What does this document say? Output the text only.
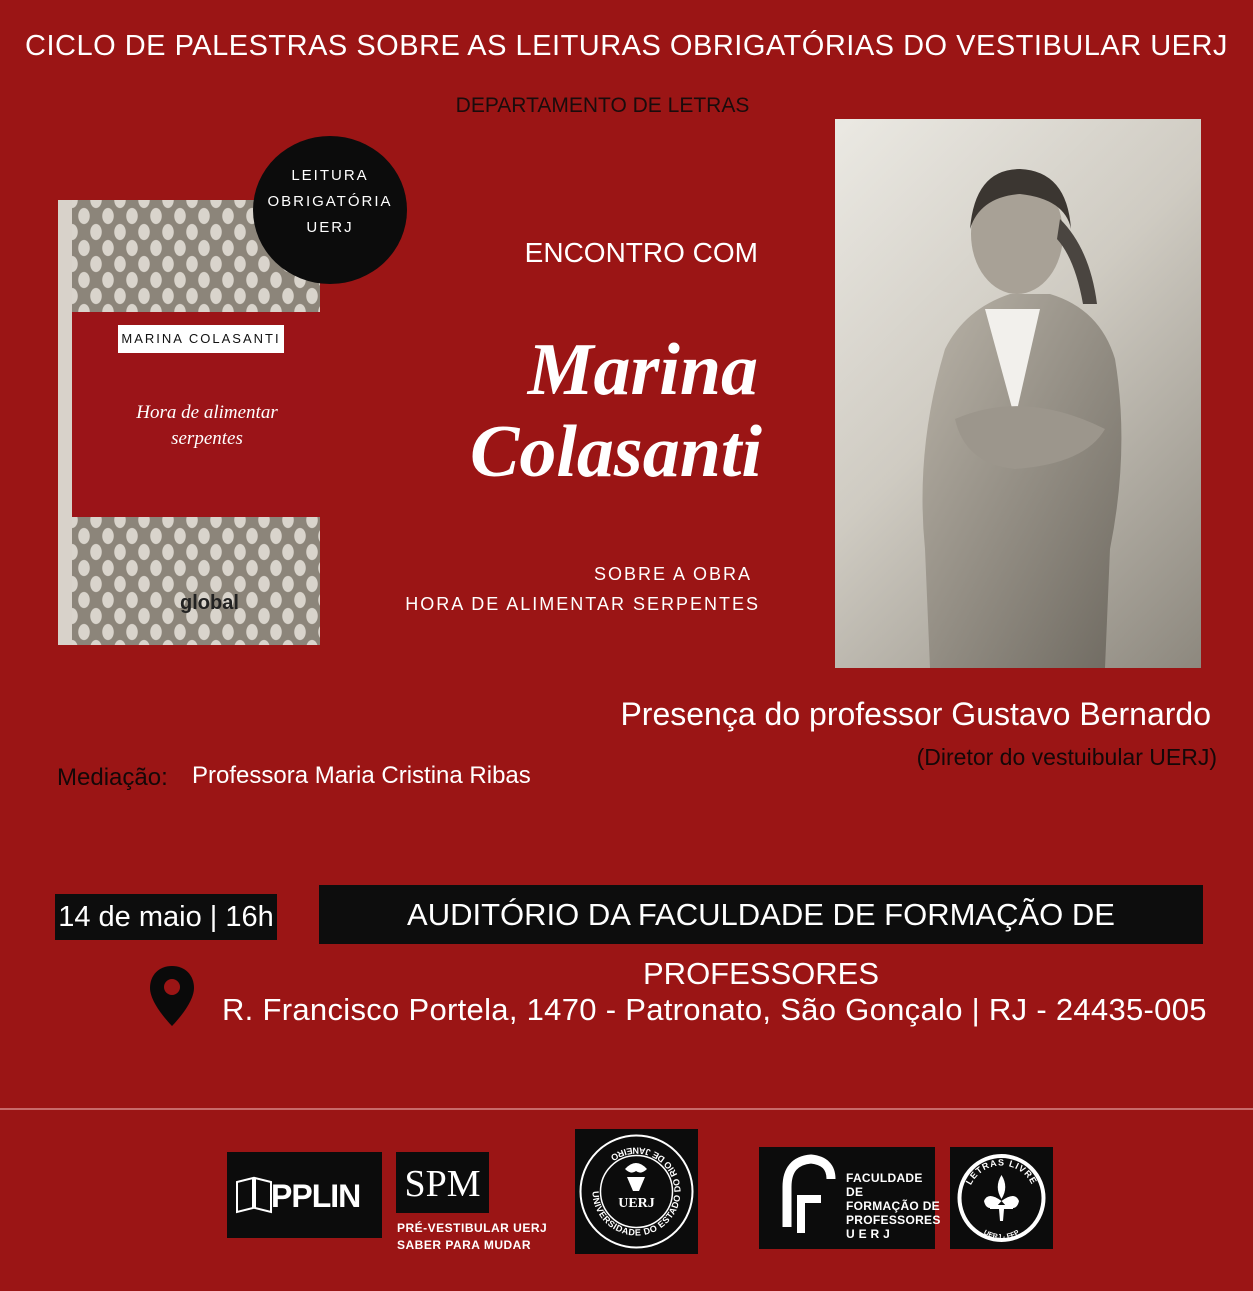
CICLO DE PALESTRAS SOBRE AS LEITURAS OBRIGATÓRIAS DO VESTIBULAR UERJ
DEPARTAMENTO DE LETRAS
MARINA COLASANTI
Hora de alimentar
serpentes
global
LEITURA
OBRIGATÓRIA
UERJ
ENCONTRO COM
Marina
Colasanti
SOBRE A OBRA
HORA DE ALIMENTAR SERPENTES
Presença do professor Gustavo Bernardo
(Diretor do vestuibular UERJ)
Mediação: Professora Maria Cristina Ribas
14 de maio | 16h	AUDITÓRIO DA FACULDADE DE FORMAÇÃO DE PROFESSORES
R. Francisco Portela, 1470 - Patronato, São Gonçalo | RJ - 24435-005
PPLIN SPM
PRÉ-VESTIBULAR UERJ
SABER PARA MUDAR
UNIVERSIDADE DO ESTADO DO RIO DE JANEIRO
UERJ
FACULDADE DE
FORMAÇÃO DE
PROFESSORES
U E R J
LETRAS LIVRE
UERJ - FFP
